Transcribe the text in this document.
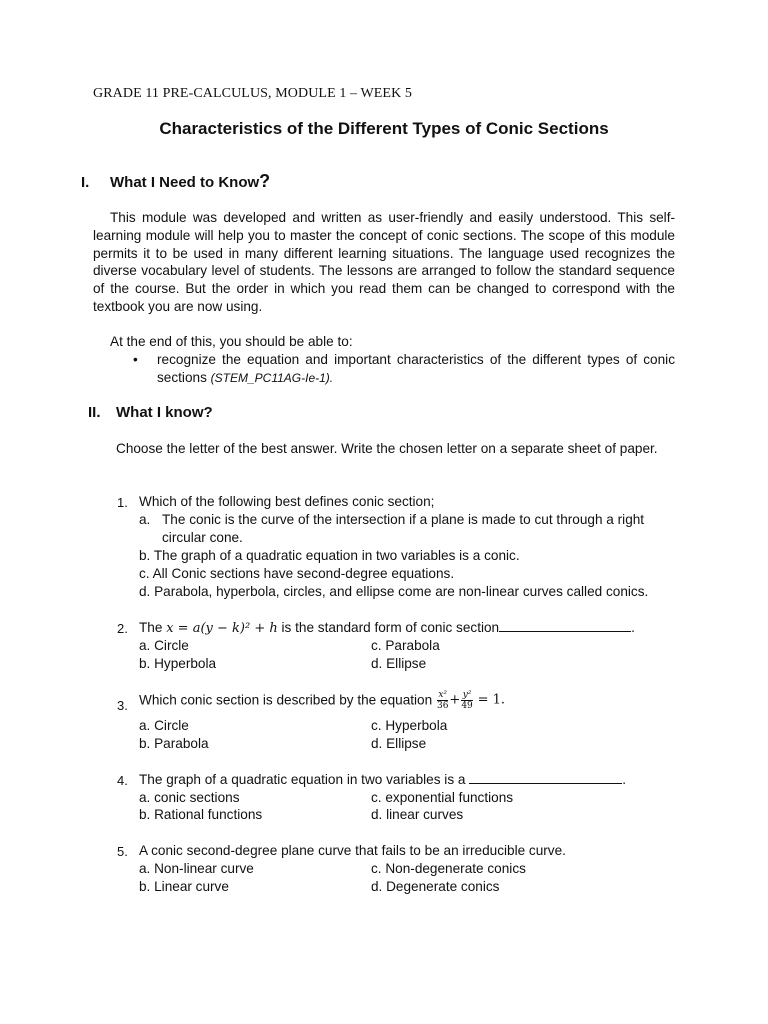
GRADE 11 PRE-CALCULUS, MODULE 1 – WEEK 5
Characteristics of the Different Types of Conic Sections
I. What I Need to Know?
This module was developed and written as user-friendly and easily understood. This self-learning module will help you to master the concept of conic sections. The scope of this module permits it to be used in many different learning situations. The language used recognizes the diverse vocabulary level of students. The lessons are arranged to follow the standard sequence of the course. But the order in which you read them can be changed to correspond with the textbook you are now using.
At the end of this, you should be able to:
• recognize the equation and important characteristics of the different types of conic sections (STEM_PC11AG-Ie-1).
II. What I know?
Choose the letter of the best answer. Write the chosen letter on a separate sheet of paper.
1. Which of the following best defines conic section;
a. The conic is the curve of the intersection if a plane is made to cut through a right
circular cone.
b. The graph of a quadratic equation in two variables is a conic.
c. All Conic sections have second-degree equations.
d. Parabola, hyperbola, circles, and ellipse come are non-linear curves called conics.
2. The x = a(y − k)² + h is the standard form of conic section	.
a. Circle	c. Parabola
b. Hyperbola	d. Ellipse
3. Which conic section is described by the equation $\frac{\text{x²}}{36} + \frac{\text{y²}}{49} = 1$.
a. Circle	c. Hyperbola
b. Parabola	d. Ellipse
4. The graph of a quadratic equation in two variables is a	.
a. conic sections	c. exponential functions
b. Rational functions	d. linear curves
5. A conic second-degree plane curve that fails to be an irreducible curve.
a. Non-linear curve	c. Non-degenerate conics
b. Linear curve	d. Degenerate conics
